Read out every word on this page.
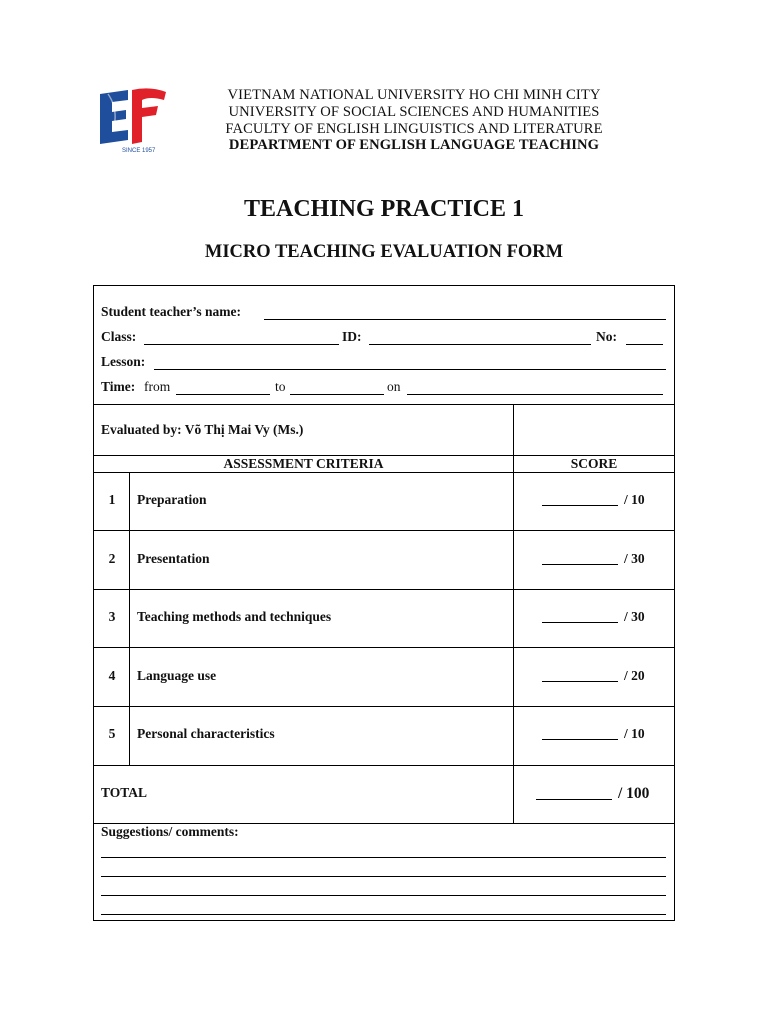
SINCE 1957
VIETNAM NATIONAL UNIVERSITY HO CHI MINH CITY
UNIVERSITY OF SOCIAL SCIENCES AND HUMANITIES
FACULTY OF ENGLISH LINGUISTICS AND LITERATURE
DEPARTMENT OF ENGLISH LANGUAGE TEACHING
TEACHING PRACTICE 1
MICRO TEACHING EVALUATION FORM
Student teacher’s name:
Class:	ID:	No:
Lesson:
Time: from	to	on
Evaluated by: Võ Thị Mai Vy (Ms.)
ASSESSMENT CRITERIA	SCORE
1	Preparation	/ 10
2	Presentation	/ 30
3	Teaching methods and techniques	/ 30
4	Language use	/ 20
5	Personal characteristics	/ 10
TOTAL	/ 100
Suggestions/ comments:
